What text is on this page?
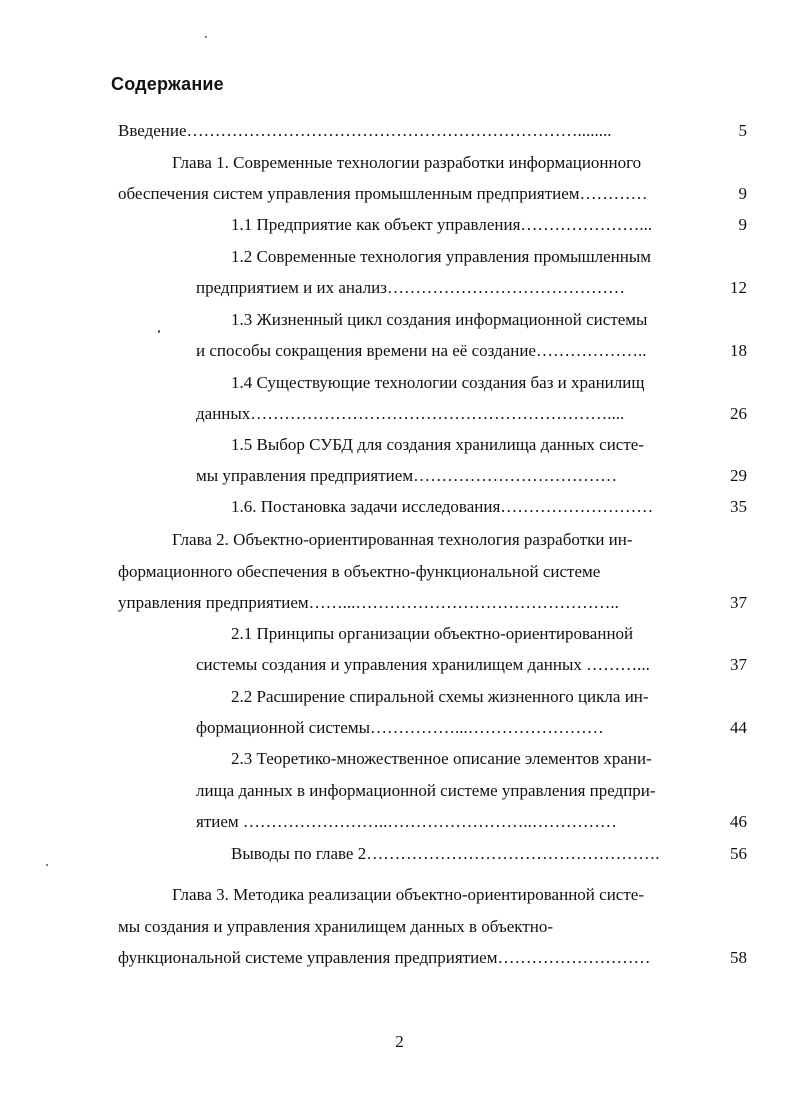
Содержание
Введение……………………………………………………………........	5
Глава 1. Современные технологии разработки информационного
обеспечения систем управления промышленным предприятием…………	9
1.1 Предприятие как объект управления…………………...	9
1.2 Современные технология управления промышленным
предприятием и их анализ……………………………………	12
1.3 Жизненный цикл создания информационной системы
и способы сокращения времени на её создание………………..	18
1.4 Существующие технологии создания баз и хранилищ
данных………………………………………………………....	26
1.5 Выбор СУБД для создания хранилища данных систе-
мы управления предприятием………………………………	29
1.6. Постановка задачи исследования………………………	35
Глава 2. Объектно-ориентированная технология разработки ин-
формационного обеспечения в объектно-функциональной системе
управления предприятием……...………………………………………..	37
2.1 Принципы организации объектно-ориентированной
системы создания и управления хранилищем данных ………...	37
2.2 Расширение спиральной схемы жизненного цикла ин-
формационной системы……………...……………………	44
2.3 Теоретико-множественное описание элементов храни-
лища данных в информационной системе управления предпри-
ятием ……………………..……………………..……………	46
Выводы по главе 2…………………………………………….	56
Глава 3. Методика реализации объектно-ориентированной систе-
мы создания и управления хранилищем данных в объектно-
функциональной системе управления предприятием………………………	58
2
